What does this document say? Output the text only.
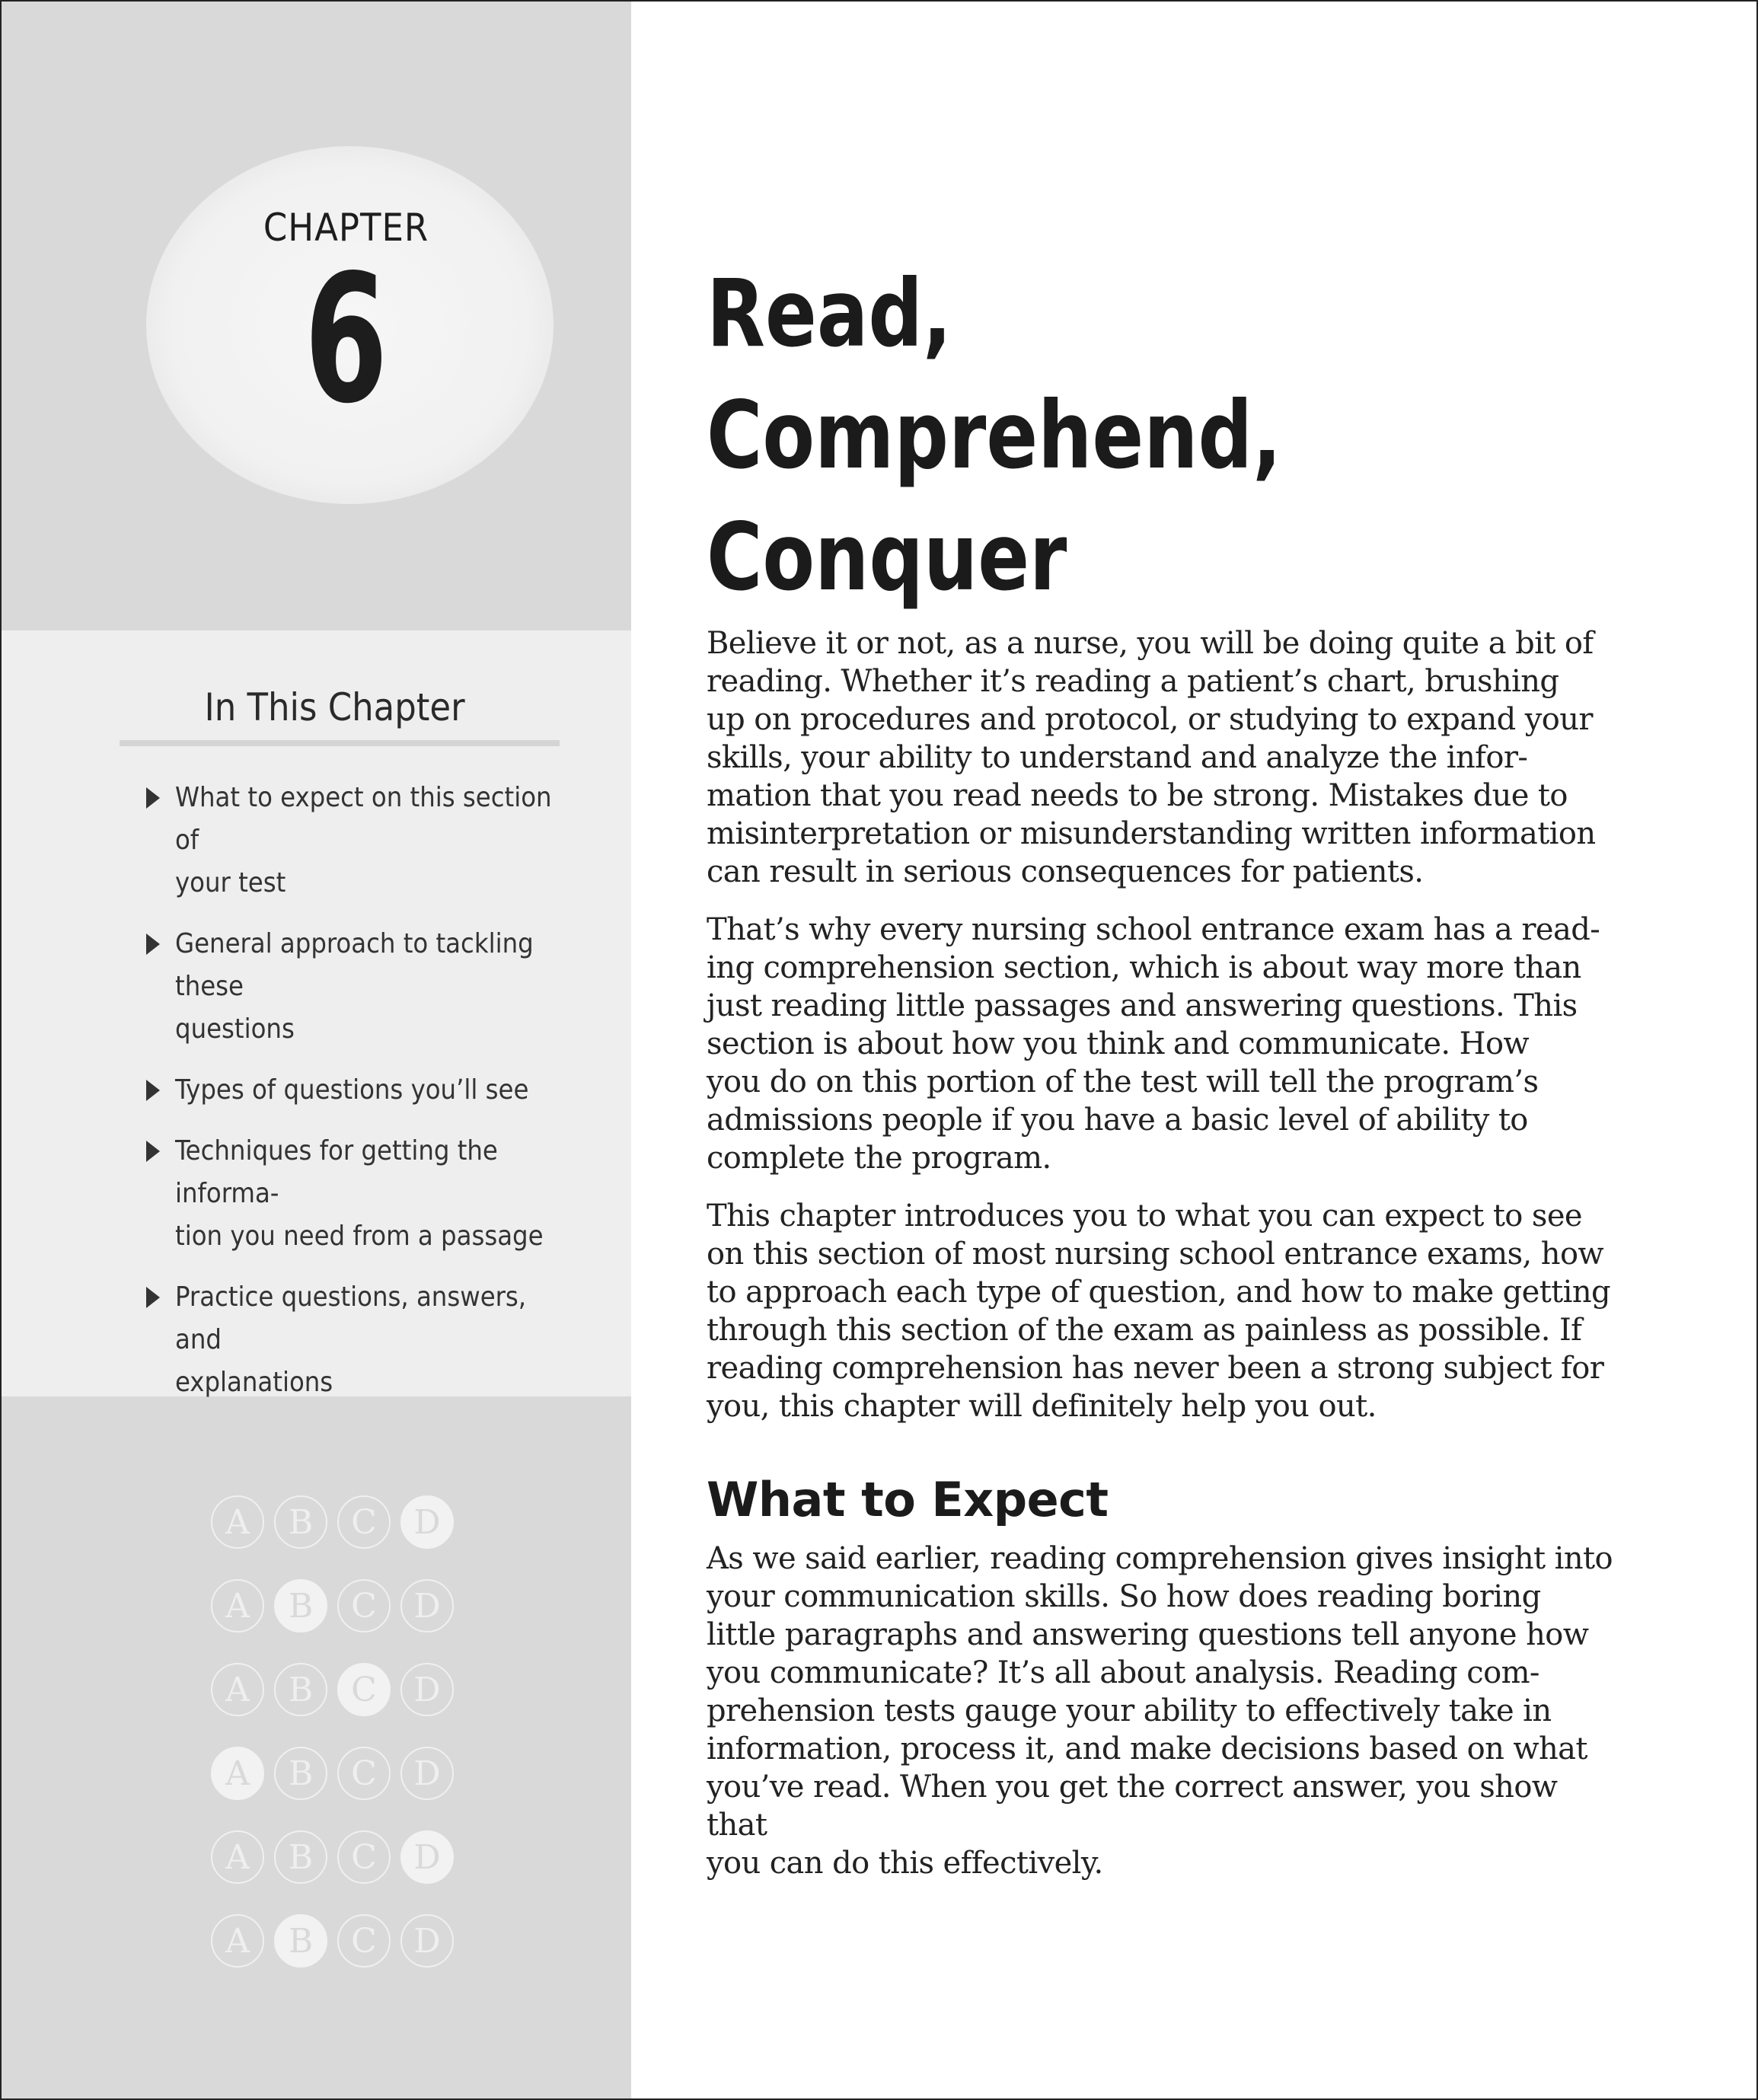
CHAPTER
6
In This Chapter
What to expect on this section of
your test
General approach to tackling these
questions
Types of questions you’ll see
Techniques for getting the informa-
tion you need from a passage
Practice questions, answers, and
explanations
A	B	C	D
A	B	C	D
A	B	C	D
A	B	C	D
A	B	C	D
A	B	C	D
Read, Comprehend,
Conquer

Believe it or not, as a nurse, you will be doing quite a bit of
reading. Whether it’s reading a patient’s chart, brushing
up on procedures and protocol, or studying to expand your
skills, your ability to understand and analyze the infor-
mation that you read needs to be strong. Mistakes due to
misinterpretation or misunderstanding written information
can result in serious consequences for patients.

That’s why every nursing school entrance exam has a read-
ing comprehension section, which is about way more than
just reading little passages and answering questions. This
section is about how you think and communicate. How
you do on this portion of the test will tell the program’s
admissions people if you have a basic level of ability to
complete the program.

This chapter introduces you to what you can expect to see
on this section of most nursing school entrance exams, how
to approach each type of question, and how to make getting
through this section of the exam as painless as possible. If
reading comprehension has never been a strong subject for
you, this chapter will definitely help you out.

What to Expect

As we said earlier, reading comprehension gives insight into
your communication skills. So how does reading boring
little paragraphs and answering questions tell anyone how
you communicate? It’s all about analysis. Reading com-
prehension tests gauge your ability to effectively take in
information, process it, and make decisions based on what
you’ve read. When you get the correct answer, you show that
you can do this effectively.
